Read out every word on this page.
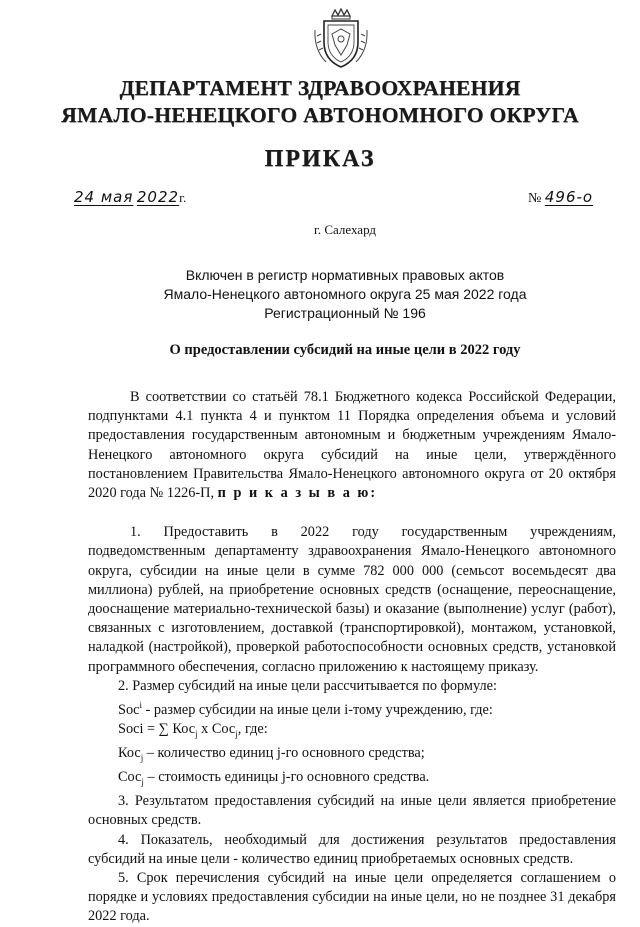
ДЕПАРТАМЕНТ ЗДРАВООХРАНЕНИЯ
ЯМАЛО-НЕНЕЦКОГО АВТОНОМНОГО ОКРУГА
ПРИКАЗ
24 мая 2022г.	№ 496-о
г. Салехард
Включен в регистр нормативных правовых актов
Ямало-Ненецкого автономного округа 25 мая 2022 года
Регистрационный № 196
О предоставлении субсидий на иные цели в 2022 году

В соответствии со статьёй 78.1 Бюджетного кодекса Российской Федерации, подпунктами 4.1 пункта 4 и пунктом 11 Порядка определения объема и условий предоставления государственным автономным и бюджетным учреждениям Ямало-Ненецкого автономного округа субсидий на иные цели, утверждённого постановлением Правительства Ямало-Ненецкого автономного округа от 20 октября 2020 года № 1226-П, п р и к а з ы в а ю:

1. Предоставить в 2022 году государственным учреждениям, подведомственным департаменту здравоохранения Ямало-Ненецкого автономного округа, субсидии на иные цели в сумме 782 000 000 (семьсот восемьдесят два миллиона) рублей, на приобретение основных средств (оснащение, переоснащение, дооснащение материально-технической базы) и оказание (выполнение) услуг (работ), связанных с изготовлением, доставкой (транспортировкой), монтажом, установкой, наладкой (настройкой), проверкой работоспособности основных средств, установкой программного обеспечения, согласно приложению к настоящему приказу.

2. Размер субсидий на иные цели рассчитывается по формуле:

Soc$^i$ - размер субсидии на иные цели i-тому учреждению, где:

Soci = ∑ Кос$_j$ х Сос$_j$, где:

Кос$_j$ – количество единиц j-го основного средства;

Сос$_j$ – стоимость единицы j-го основного средства.

3. Результатом предоставления субсидий на иные цели является приобретение основных средств.

4. Показатель, необходимый для достижения результатов предоставления субсидий на иные цели - количество единиц приобретаемых основных средств.

5. Срок перечисления субсидий на иные цели определяется соглашением о порядке и условиях предоставления субсидии на иные цели, но не позднее 31 декабря 2022 года.
